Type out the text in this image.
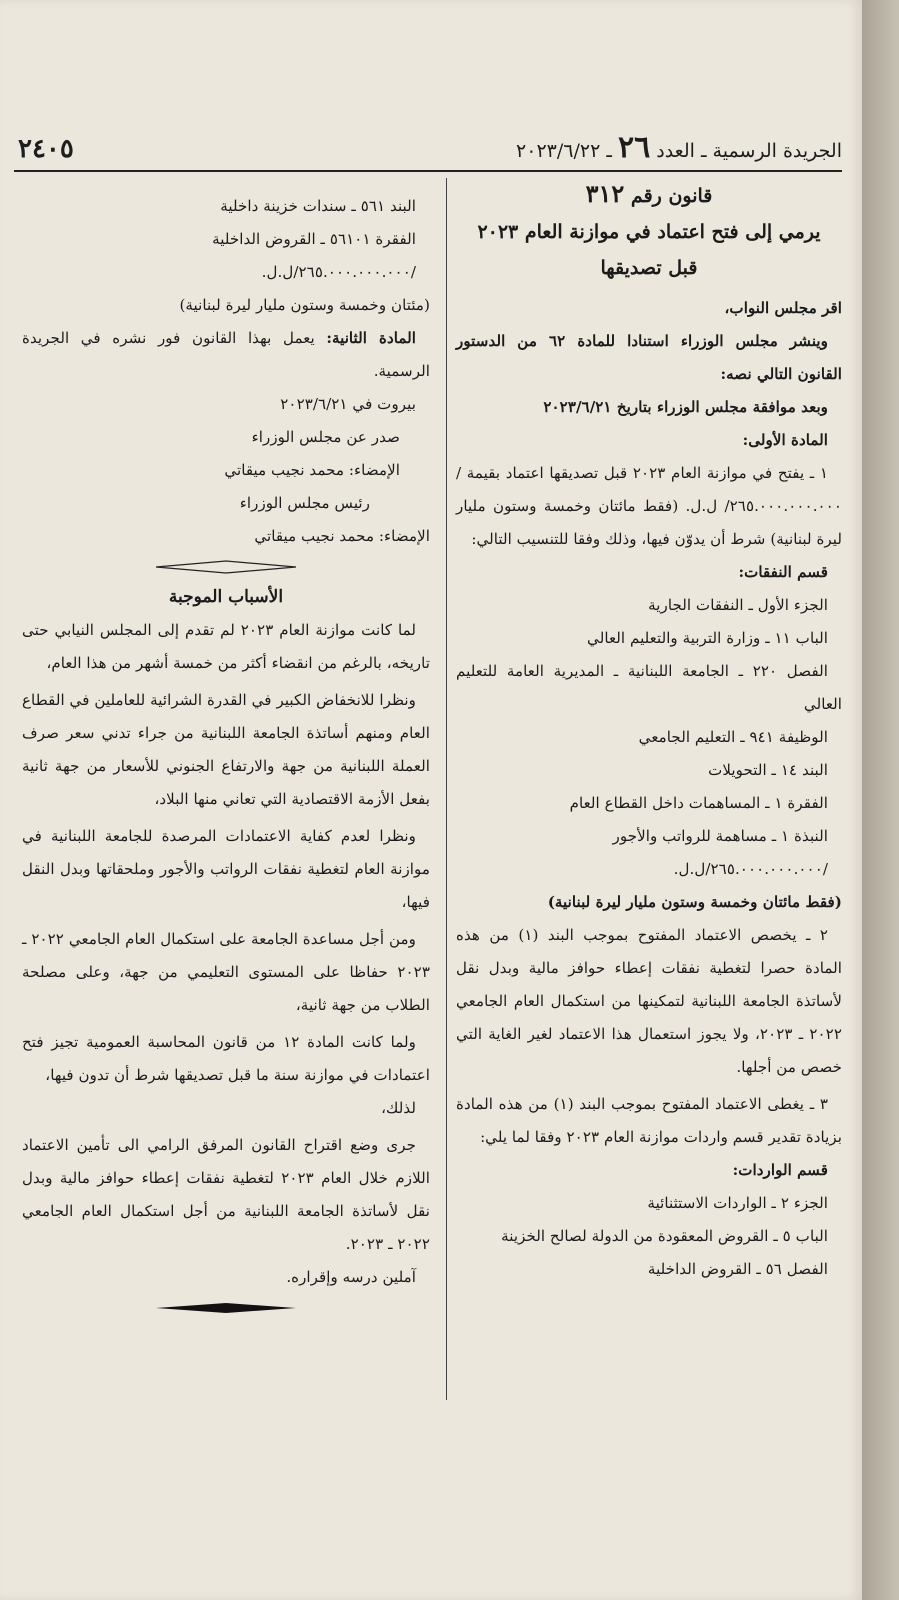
الجريدة الرسمية ـ العدد ٢٦ ـ ٢٠٢٣/٦/٢٢
٢٤٠٥
قانون رقم ٣١٢
يرمي إلى فتح اعتماد في موازنة العام ٢٠٢٣
قبل تصديقها

اقر مجلس النواب،

وينشر مجلس الوزراء استنادا للمادة ٦٢ من الدستور القانون التالي نصه:

وبعد موافقة مجلس الوزراء بتاريخ ٢٠٢٣/٦/٢١

المادة الأولى:

١ ـ يفتح في موازنة العام ٢٠٢٣ قبل تصديقها اعتماد بقيمة /٢٦٥.٠٠٠.٠٠٠.٠٠٠/ ل.ل. (فقط مائتان وخمسة وستون مليار ليرة لبنانية) شرط أن يدوّن فيها، وذلك وفقا للتنسيب التالي:

قسم النفقات:

الجزء الأول ـ النفقات الجارية

الباب ١١ ـ وزارة التربية والتعليم العالي

الفصل ٢٢٠ ـ الجامعة اللبنانية ـ المديرية العامة للتعليم العالي

الوظيفة ٩٤١ ـ التعليم الجامعي

البند ١٤ ـ التحويلات

الفقرة ١ ـ المساهمات داخل القطاع العام

النبذة ١ ـ مساهمة للرواتب والأجور

/٢٦٥.٠٠٠.٠٠٠.٠٠٠/ل.ل.

(فقط مائتان وخمسة وستون مليار ليرة لبنانية)

٢ ـ يخصص الاعتماد المفتوح بموجب البند (١) من هذه المادة حصرا لتغطية نفقات إعطاء حوافز مالية وبدل نقل لأساتذة الجامعة اللبنانية لتمكينها من استكمال العام الجامعي ٢٠٢٢ ـ ٢٠٢٣، ولا يجوز استعمال هذا الاعتماد لغير الغاية التي خصص من أجلها.

٣ ـ يغطى الاعتماد المفتوح بموجب البند (١) من هذه المادة بزيادة تقدير قسم واردات موازنة العام ٢٠٢٣ وفقا لما يلي:

قسم الواردات:

الجزء ٢ ـ الواردات الاستثنائية

الباب ٥ ـ القروض المعقودة من الدولة لصالح الخزينة

الفصل ٥٦ ـ القروض الداخلية

البند ٥٦١ ـ سندات خزينة داخلية

الفقرة ٥٦١٠١ ـ القروض الداخلية

/٢٦٥.٠٠٠.٠٠٠.٠٠٠/ل.ل.

(مئتان وخمسة وستون مليار ليرة لبنانية)

المادة الثانية: يعمل بهذا القانون فور نشره في الجريدة الرسمية.

بيروت في ٢٠٢٣/٦/٢١

صدر عن مجلس الوزراء

الإمضاء: محمد نجيب ميقاتي

رئيس مجلس الوزراء

الإمضاء: محمد نجيب ميقاتي

الأسباب الموجبة

لما كانت موازنة العام ٢٠٢٣ لم تقدم إلى المجلس النيابي حتى تاريخه، بالرغم من انقضاء أكثر من خمسة أشهر من هذا العام،

ونظرا للانخفاض الكبير في القدرة الشرائية للعاملين في القطاع العام ومنهم أساتذة الجامعة اللبنانية من جراء تدني سعر صرف العملة اللبنانية من جهة والارتفاع الجنوني للأسعار من جهة ثانية بفعل الأزمة الاقتصادية التي تعاني منها البلاد،

ونظرا لعدم كفاية الاعتمادات المرصدة للجامعة اللبنانية في موازنة العام لتغطية نفقات الرواتب والأجور وملحقاتها وبدل النقل فيها،

ومن أجل مساعدة الجامعة على استكمال العام الجامعي ٢٠٢٢ ـ ٢٠٢٣ حفاظا على المستوى التعليمي من جهة، وعلى مصلحة الطلاب من جهة ثانية،

ولما كانت المادة ١٢ من قانون المحاسبة العمومية تجيز فتح اعتمادات في موازنة سنة ما قبل تصديقها شرط أن تدون فيها،

لذلك،

جرى وضع اقتراح القانون المرفق الرامي الى تأمين الاعتماد اللازم خلال العام ٢٠٢٣ لتغطية نفقات إعطاء حوافز مالية وبدل نقل لأساتذة الجامعة اللبنانية من أجل استكمال العام الجامعي ٢٠٢٢ ـ ٢٠٢٣.

آملين درسه وإقراره.
